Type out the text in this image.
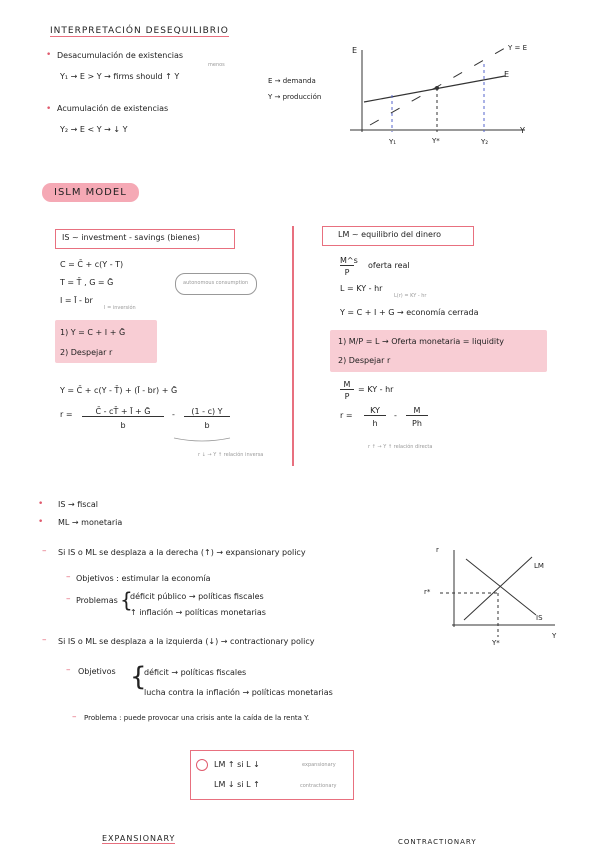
INTERPRETACIÓN DESEQUILIBRIO
• Desacumulación de existencias
menos
Y₁ → E > Y → firms should ↑ Y
• Acumulación de existencias
Y₂ → E < Y → ↓ Y
E → demanda
Y → producción
E
Y
Y = E
E
Y₁	Y*	Y₂
ISLM MODEL
IS ~ investment - savings (bienes)
C = C̄ + c(Y - T)
T = T̄ , G = Ḡ
I = Ī - br
I = inversión
autonomous consumption
1) Y = C + I + Ḡ
2) Despejar r
Y = C̄ + c(Y - T̄) + (Ī - br) + Ḡ
r =	C̄ - cT̄ + Ī + Ḡ
b
-	(1 - c) Y
b
r ↓ → Y ↑ relación inversa
LM ~ equilibrio del dinero
M^s
P
oferta real
L = KY - hr
L(r) = KY - hr
Y = C + I + G → economía cerrada
1) M/P = L → Oferta monetaria = liquidity
2) Despejar r
M
P
= KY - hr
r =
KY
h
-
M
Ph
r ↑ → Y ↑ relación directa
• IS → fiscal
• ML → monetaria
– Si IS o ML se desplaza a la derecha (↑) → expansionary policy
– Objetivos : estimular la economía
– Problemas {
déficit público → políticas fiscales
↑ inflación → políticas monetarias
– Si IS o ML se desplaza a la izquierda (↓) → contractionary policy
– Objetivos {
déficit → políticas fiscales
lucha contra la inflación → políticas monetarias
– Problema : puede provocar una crisis ante la caída de la renta Y.
LM ↑ si L ↓	expansionary
LM ↓ si L ↑	contractionary
EXPANSIONARY	CONTRACTIONARY
r
Y
r*
Y*
LM
IS
